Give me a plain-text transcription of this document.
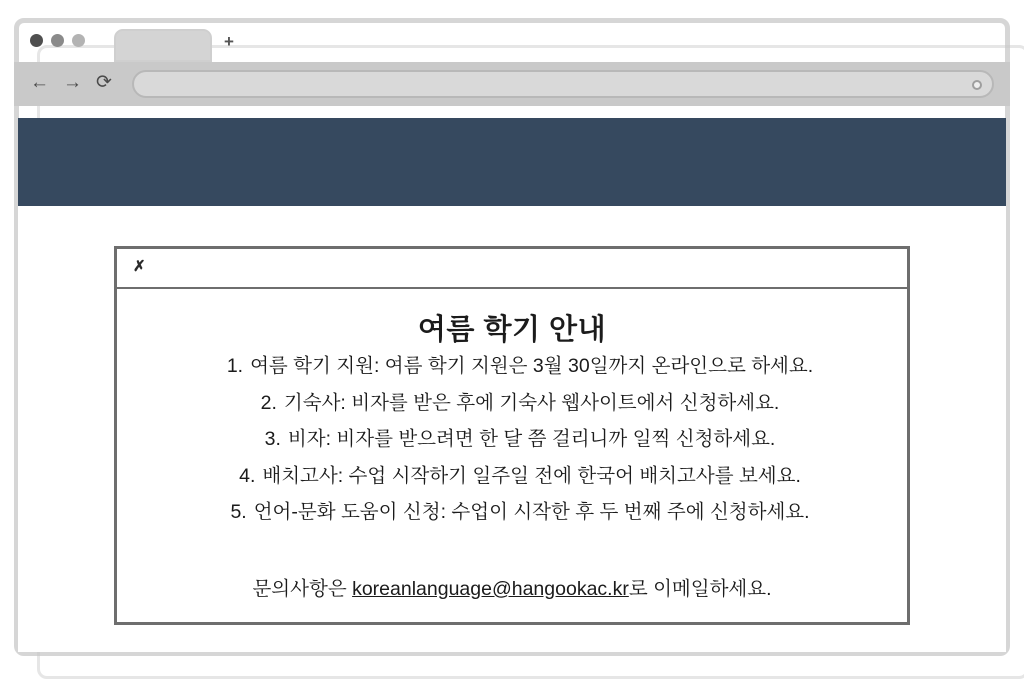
+
← → ⟳
✗
여름 학기 안내
1. 여름 학기 지원: 여름 학기 지원은 3월 30일까지 온라인으로 하세요.
2. 기숙사: 비자를 받은 후에 기숙사 웹사이트에서 신청하세요.
3. 비자: 비자를 받으려면 한 달 쯤 걸리니까 일찍 신청하세요.
4. 배치고사: 수업 시작하기 일주일 전에 한국어 배치고사를 보세요.
5. 언어-문화 도움이 신청: 수업이 시작한 후 두 번째 주에 신청하세요.
문의사항은 koreanlanguage@hangookac.kr로 이메일하세요.
